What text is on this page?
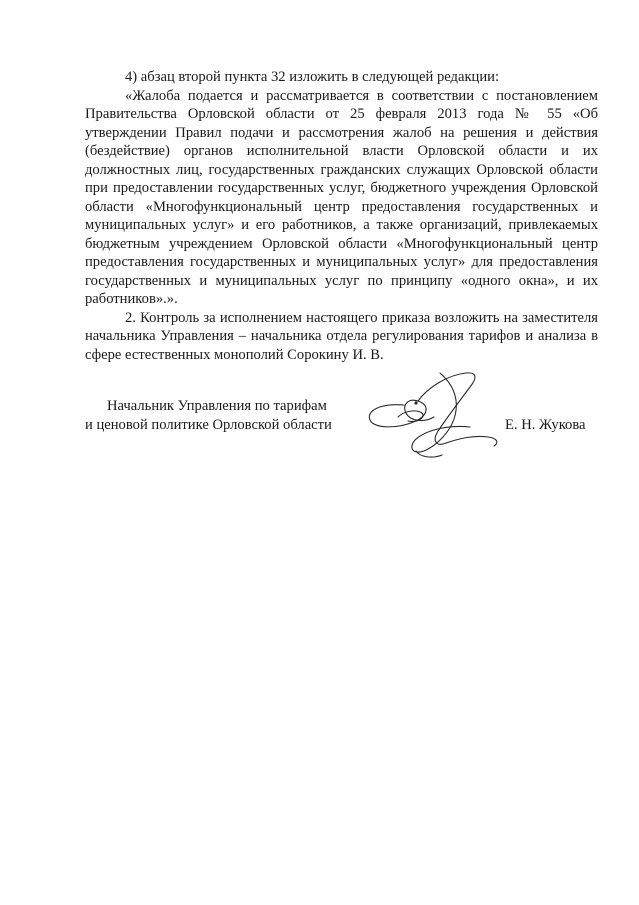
4) абзац второй пункта 32 изложить в следующей редакции:

«Жалоба подается и рассматривается в соответствии с постановлением Правительства Орловской области от 25 февраля 2013 года № 55 «Об утверждении Правил подачи и рассмотрения жалоб на решения и действия (бездействие) органов исполнительной власти Орловской области и их должностных лиц, государственных гражданских служащих Орловской области при предоставлении государственных услуг, бюджетного учреждения Орловской области «Многофункциональный центр предоставления государственных и муниципальных услуг» и его работников, а также организаций, привлекаемых бюджетным учреждением Орловской области «Многофункциональный центр предоставления государственных и муниципальных услуг» для предоставления государственных и муниципальных услуг по принципу «одного окна», и их работников».».

2. Контроль за исполнением настоящего приказа возложить на заместителя начальника Управления – начальника отдела регулирования тарифов и анализа в сфере естественных монополий Сорокину И. В.

Начальник Управления по тарифам
и ценовой политике Орловской области	Е. Н. Жукова
